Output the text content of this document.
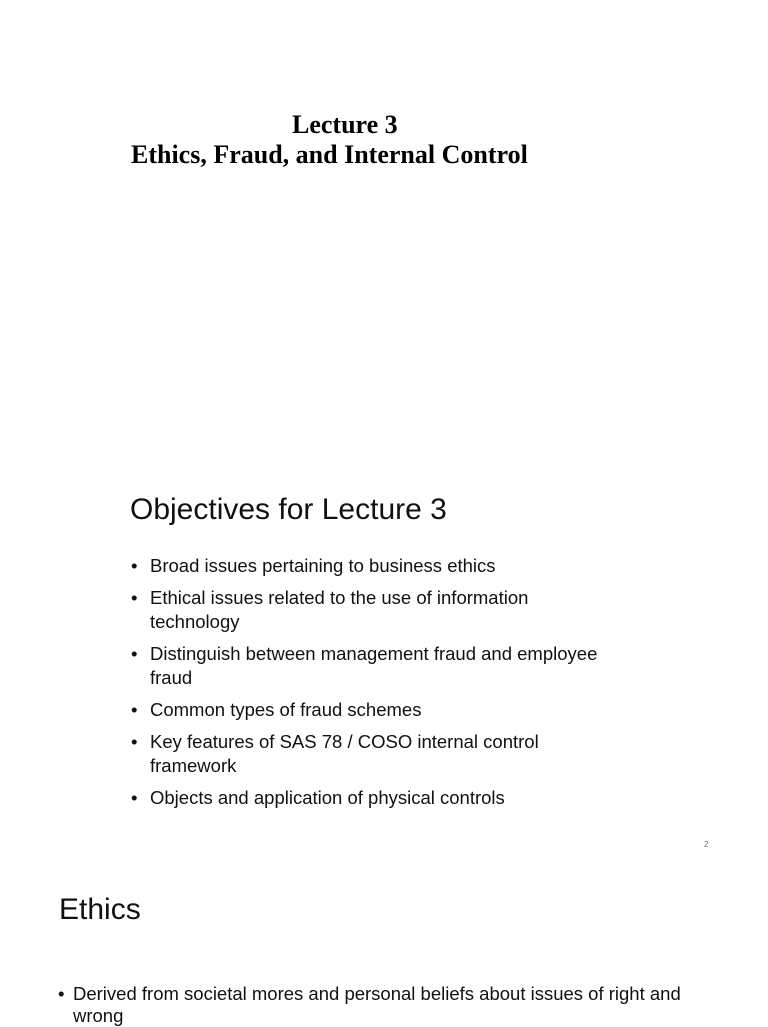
Lecture 3
Ethics, Fraud, and Internal Control
Objectives for Lecture 3
• Broad issues pertaining to business ethics
• Ethical issues related to the use of information technology
• Distinguish between management fraud and employee fraud
• Common types of fraud schemes
• Key features of SAS 78 / COSO internal control framework
• Objects and application of physical controls
2
Ethics
• Derived from societal mores and personal beliefs about issues of right and wrong
